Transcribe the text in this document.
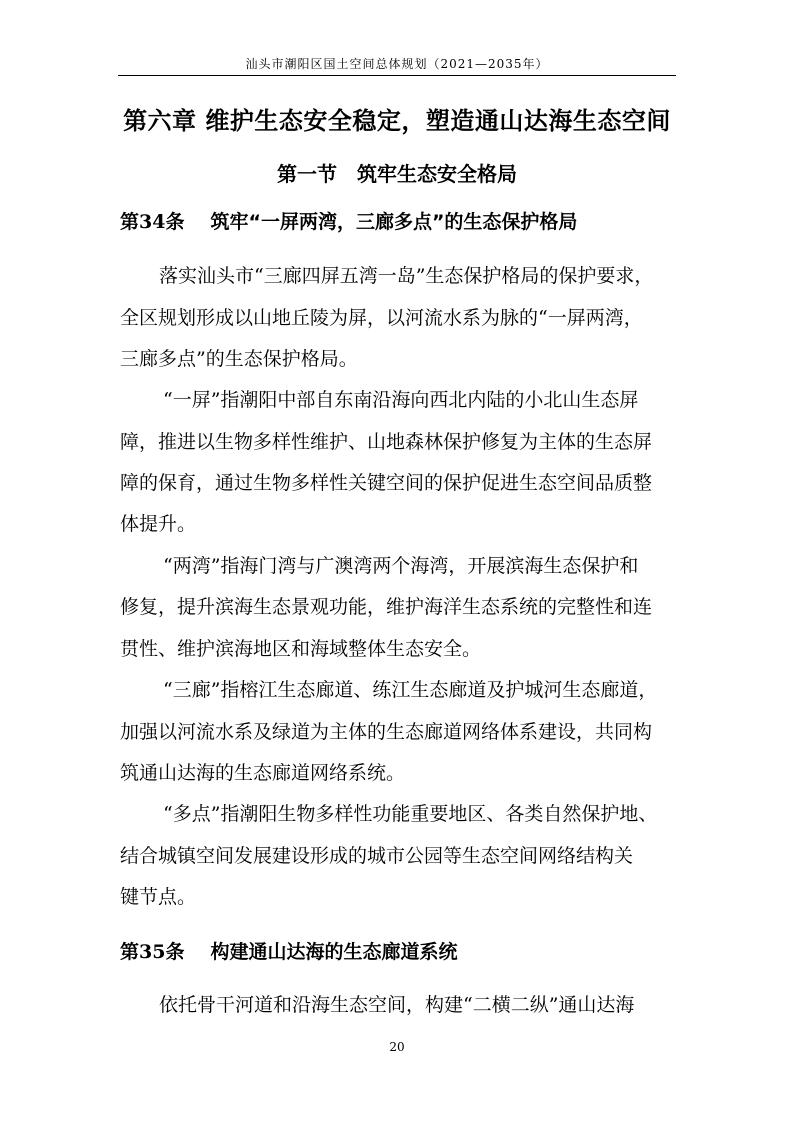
汕头市潮阳区国土空间总体规划（2021—2035年）
第六章 维护生态安全稳定，塑造通山达海生态空间
第一节　筑牢生态安全格局
第34条 筑牢“一屏两湾，三廊多点”的生态保护格局
落实汕头市“三廊四屏五湾一岛”生态保护格局的保护要求，
全区规划形成以山地丘陵为屏，以河流水系为脉的“一屏两湾，
三廊多点”的生态保护格局。
“一屏”指潮阳中部自东南沿海向西北内陆的小北山生态屏
障，推进以生物多样性维护、山地森林保护修复为主体的生态屏
障的保育，通过生物多样性关键空间的保护促进生态空间品质整
体提升。
“两湾”指海门湾与广澳湾两个海湾，开展滨海生态保护和
修复，提升滨海生态景观功能，维护海洋生态系统的完整性和连
贯性、维护滨海地区和海域整体生态安全。
“三廊”指榕江生态廊道、练江生态廊道及护城河生态廊道，
加强以河流水系及绿道为主体的生态廊道网络体系建设，共同构
筑通山达海的生态廊道网络系统。
“多点”指潮阳生物多样性功能重要地区、各类自然保护地、
结合城镇空间发展建设形成的城市公园等生态空间网络结构关
键节点。
第35条 构建通山达海的生态廊道系统
依托骨干河道和沿海生态空间，构建“二横二纵”通山达海
20
